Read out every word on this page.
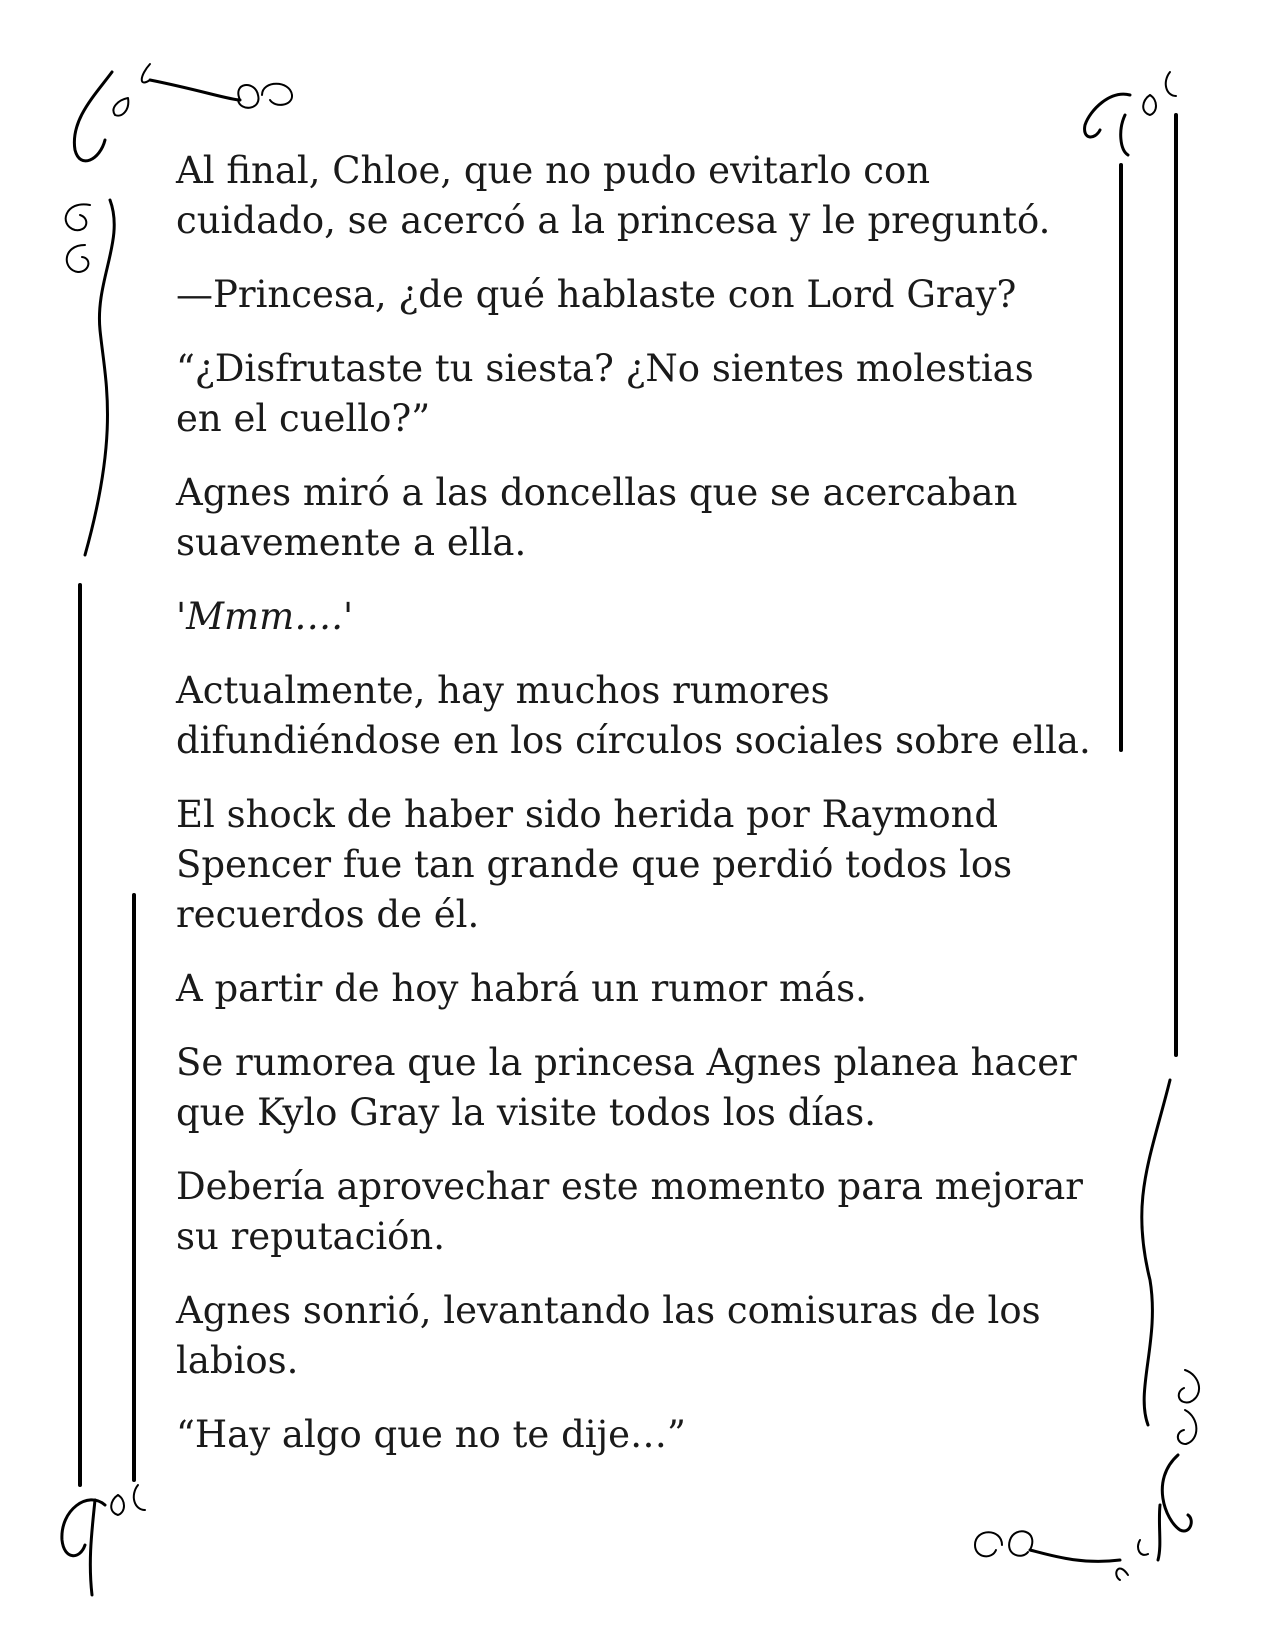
Al final, Chloe, que no pudo evitarlo con
cuidado, se acercó a la princesa y le preguntó.

—Princesa, ¿de qué hablaste con Lord Gray?

“¿Disfrutaste tu siesta? ¿No sientes molestias
en el cuello?”

Agnes miró a las doncellas que se acercaban
suavemente a ella.

'Mmm….'

Actualmente, hay muchos rumores
difundiéndose en los círculos sociales sobre ella.

El shock de haber sido herida por Raymond
Spencer fue tan grande que perdió todos los
recuerdos de él.

A partir de hoy habrá un rumor más.

Se rumorea que la princesa Agnes planea hacer
que Kylo Gray la visite todos los días.

Debería aprovechar este momento para mejorar
su reputación.

Agnes sonrió, levantando las comisuras de los
labios.

“Hay algo que no te dije…”
